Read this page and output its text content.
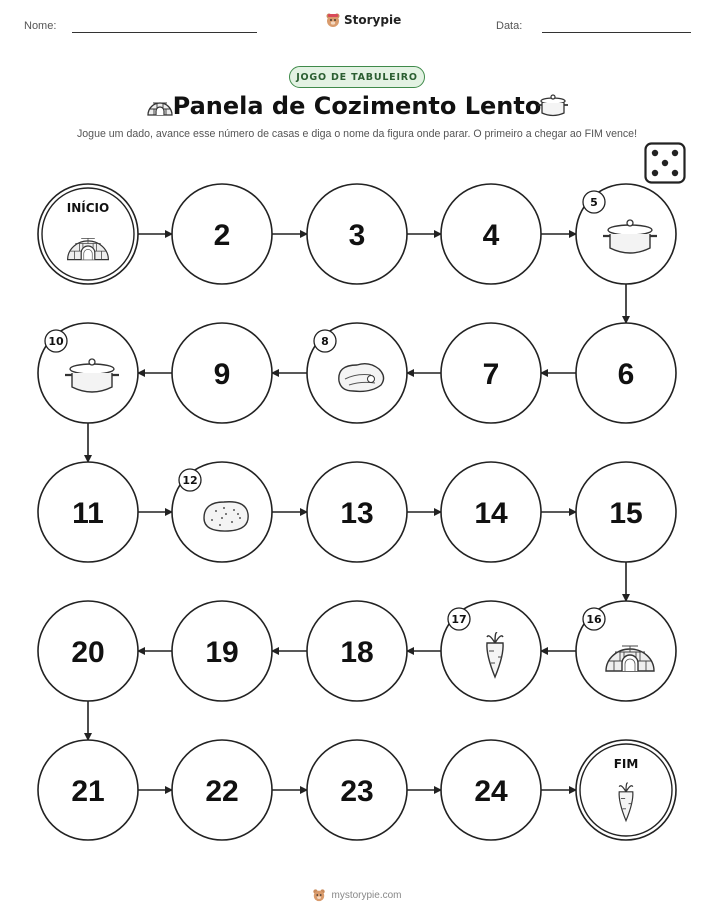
Nome:	Storypie	Data:
JOGO DE TABULEIRO
Panela de Cozimento Lento
Jogue um dado, avance esse número de casas e diga o nome da figura onde parar. O primeiro a chegar ao FIM vence!
INÍCIO
2	3	4
5
6
7
8
9
10
11
12
13	14	15
16
17
18
19
20
21	22	23	24
FIM
mystorypie.com
